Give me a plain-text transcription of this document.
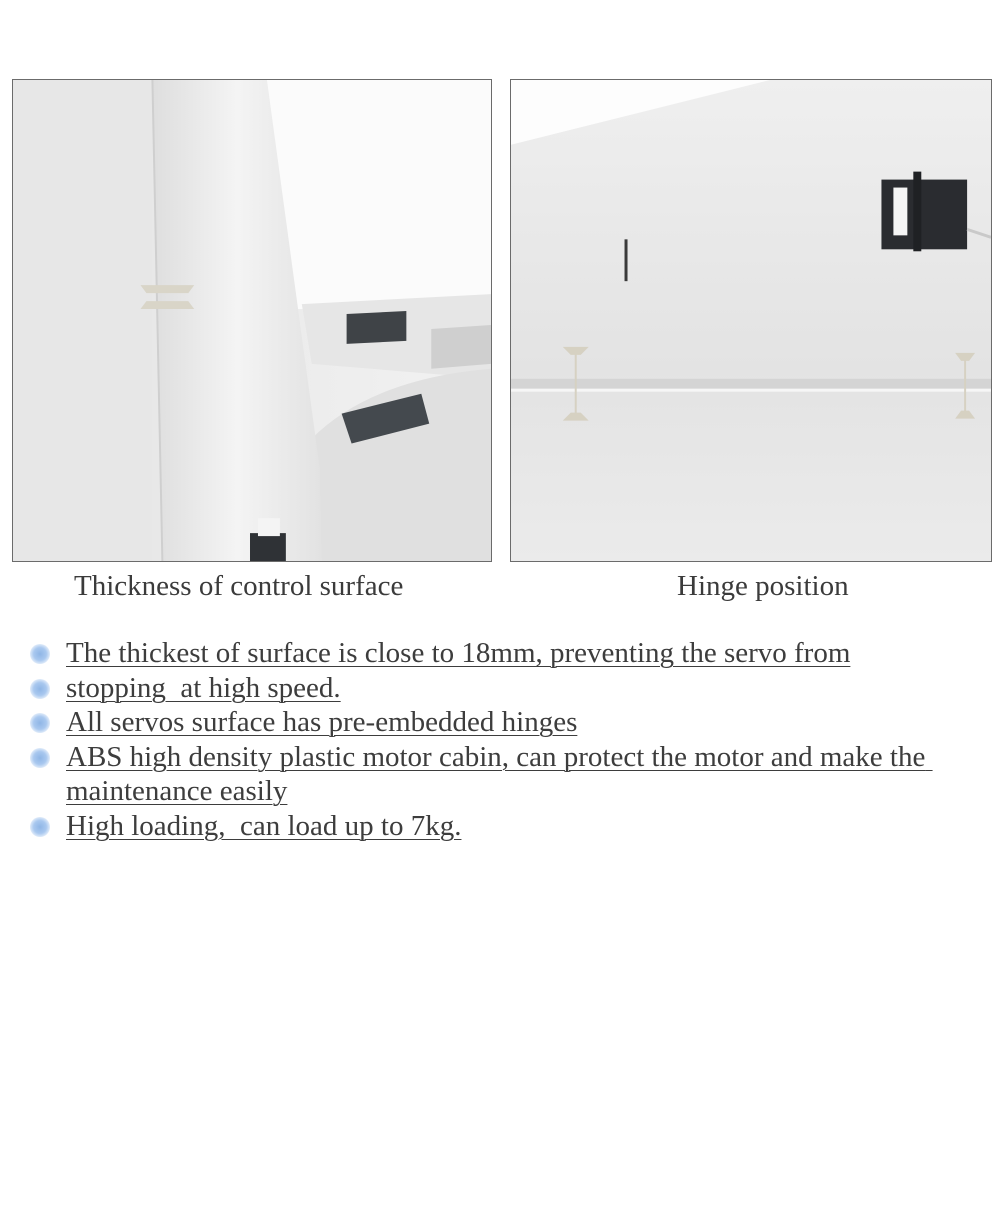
Thickness of control surface	Hinge position
The thickest of surface is close to 18mm, preventing the servo from
stopping  at high speed.
All servos surface has pre-embedded hinges
ABS high density plastic motor cabin, can protect the motor and make the maintenance easily
High loading,  can load up to 7kg.
